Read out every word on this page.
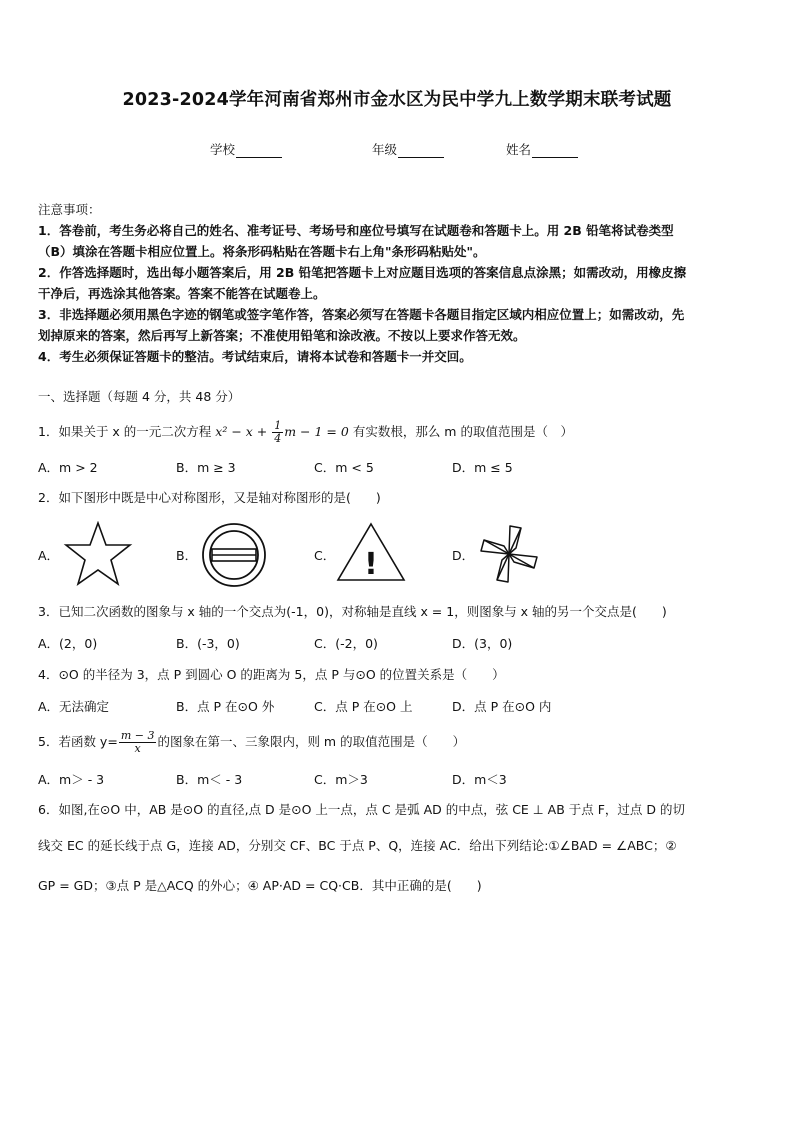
2023-2024学年河南省郑州市金水区为民中学九上数学期末联考试题
学校	年级	姓名
注意事项：
1．答卷前，考生务必将自己的姓名、准考证号、考场号和座位号填写在试题卷和答题卡上。用 2B 铅笔将试卷类型
（B）填涂在答题卡相应位置上。将条形码粘贴在答题卡右上角"条形码粘贴处"。
2．作答选择题时，选出每小题答案后，用 2B 铅笔把答题卡上对应题目选项的答案信息点涂黑；如需改动，用橡皮擦
干净后，再选涂其他答案。答案不能答在试题卷上。
3．非选择题必须用黑色字迹的钢笔或签字笔作答，答案必须写在答题卡各题目指定区域内相应位置上；如需改动，先
划掉原来的答案，然后再写上新答案；不准使用铅笔和涂改液。不按以上要求作答无效。
4．考生必须保证答题卡的整洁。考试结束后，请将本试卷和答题卡一并交回。
一、选择题（每题 4 分，共 48 分）
1．如果关于 x 的一元二次方程 $x^2 - x + \frac{1}{4}$ m − 1 = 0 有实数根，那么 m 的取值范围是（　）
A．m > 2	B．m ≥ 3	C．m < 5	D．m ≤ 5
2．如下图形中既是中心对称图形，又是轴对称图形的是(　　)
A．	B．	C． !	D．
3．已知二次函数的图象与 x 轴的一个交点为(-1，0)，对称轴是直线 x = 1，则图象与 x 轴的另一个交点是(　　)
A．(2，0)	B．(-3，0)	C．(-2，0)	D．(3，0)
4．⊙O 的半径为 3，点 P 到圆心 O 的距离为 5，点 P 与⊙O 的位置关系是（　　）
A．无法确定	B．点 P 在⊙O 外	C．点 P 在⊙O 上	D．点 P 在⊙O 内
5．若函数 $y= \frac{m - 3}{x}$ 的图象在第一、三象限内，则 m 的取值范围是（　　）
A．m＞ - 3	B．m＜ - 3	C．m＞3	D．m＜3
6．如图,在⊙O 中，AB 是⊙O 的直径,点 D 是⊙O 上一点，点 C 是弧 AD 的中点，弦 CE ⊥ AB 于点 F，过点 D 的切
线交 EC 的延长线于点 G，连接 AD，分别交 CF、BC 于点 P、Q，连接 AC．给出下列结论:①∠BAD = ∠ABC；②
GP = GD；③点 P 是△ACQ 的外心；④ AP·AD = CQ·CB．其中正确的是(　　)
